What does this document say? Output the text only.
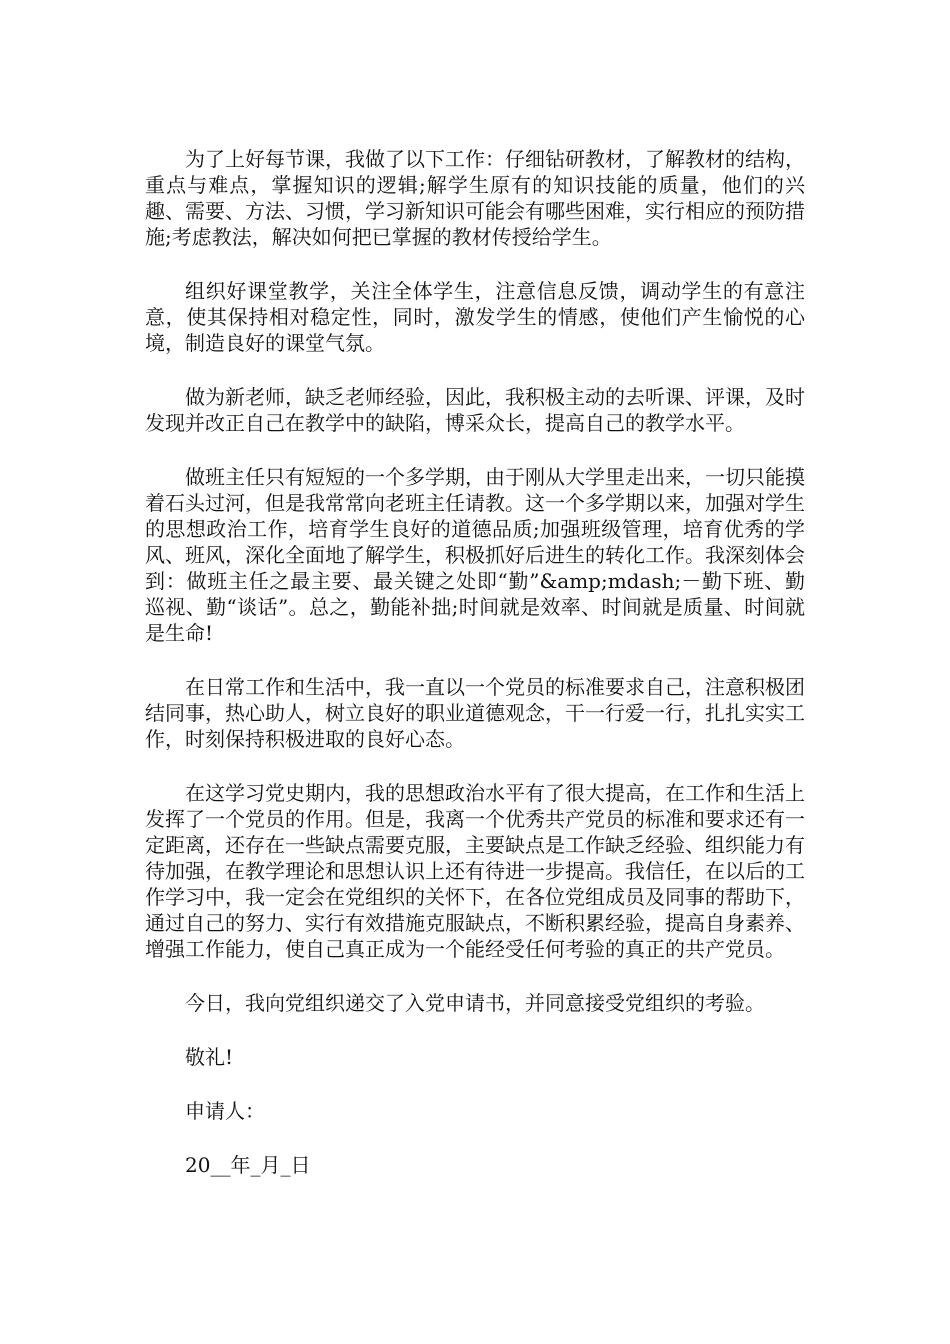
为了上好每节课，我做了以下工作：仔细钻研教材，了解教材的结构，重点与难点，掌握知识的逻辑;解学生原有的知识技能的质量，他们的兴趣、需要、方法、习惯，学习新知识可能会有哪些困难，实行相应的预防措施;考虑教法，解决如何把已掌握的教材传授给学生。

组织好课堂教学，关注全体学生，注意信息反馈，调动学生的有意注意，使其保持相对稳定性，同时，激发学生的情感，使他们产生愉悦的心境，制造良好的课堂气氛。

做为新老师，缺乏老师经验，因此，我积极主动的去听课、评课，及时发现并改正自己在教学中的缺陷，博采众长，提高自己的教学水平。

做班主任只有短短的一个多学期，由于刚从大学里走出来，一切只能摸着石头过河，但是我常常向老班主任请教。这一个多学期以来，加强对学生的思想政治工作，培育学生良好的道德品质;加强班级管理，培育优秀的学风、班风，深化全面地了解学生，积极抓好后进生的转化工作。我深刻体会到：做班主任之最主要、最关键之处即“勤”&amp;mdash;－勤下班、勤巡视、勤“谈话”。总之，勤能补拙;时间就是效率、时间就是质量、时间就是生命!

在日常工作和生活中，我一直以一个党员的标准要求自己，注意积极团结同事，热心助人，树立良好的职业道德观念，干一行爱一行，扎扎实实工作，时刻保持积极进取的良好心态。

在这学习党史期内，我的思想政治水平有了很大提高，在工作和生活上发挥了一个党员的作用。但是，我离一个优秀共产党员的标准和要求还有一定距离，还存在一些缺点需要克服，主要缺点是工作缺乏经验、组织能力有待加强，在教学理论和思想认识上还有待进一步提高。我信任，在以后的工作学习中，我一定会在党组织的关怀下，在各位党组成员及同事的帮助下，通过自己的努力、实行有效措施克服缺点，不断积累经验，提高自身素养、增强工作能力，使自己真正成为一个能经受任何考验的真正的共产党员。

今日，我向党组织递交了入党申请书，并同意接受党组织的考验。

敬礼!

申请人：

20__年_月_日
